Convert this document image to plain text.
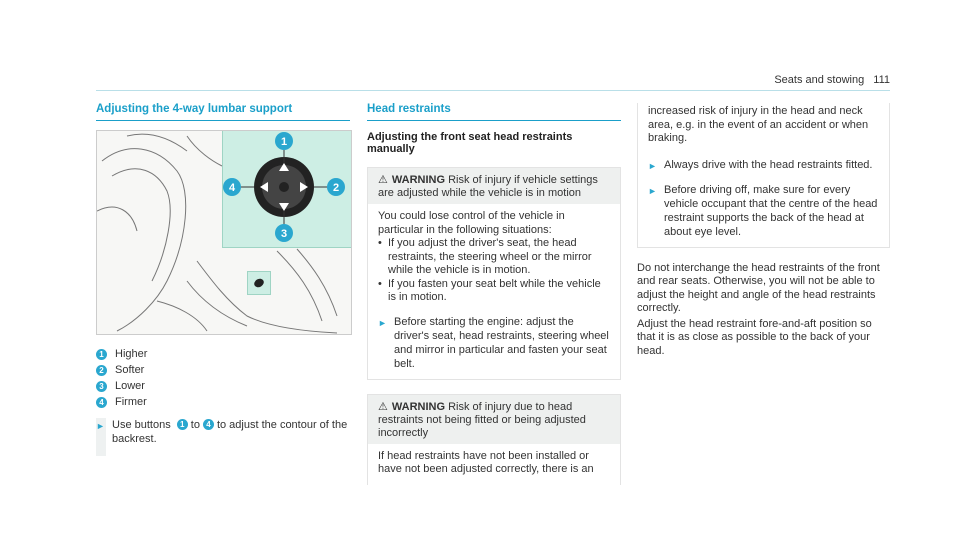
Seats and stowing 111
Adjusting the 4-way lumbar support
1
2
3
4
1 Higher
2 Softer
3 Lower
4 Firmer
► Use buttons 1 to 4 to adjust the contour of the backrest.
Head restraints
Adjusting the front seat head restraints manually
⚠ WARNING Risk of injury if vehicle settings are adjusted while the vehicle is in motion

You could lose control of the vehicle in particular in the following situations:

• If you adjust the driver's seat, the head restraints, the steering wheel or the mirror while the vehicle is in motion.
• If you fasten your seat belt while the vehicle is in motion.
► Before starting the engine: adjust the driver's seat, head restraints, steering wheel and mirror in particular and fasten your seat belt.
⚠ WARNING Risk of injury due to head restraints not being fitted or being adjusted incorrectly

If head restraints have not been installed or have not been adjusted correctly, there is an

increased risk of injury in the head and neck area, e.g. in the event of an accident or when braking.

► Always drive with the head restraints fitted.
► Before driving off, make sure for every vehicle occupant that the centre of the head restraint supports the back of the head at about eye level.

Do not interchange the head restraints of the front and rear seats. Otherwise, you will not be able to adjust the height and angle of the head restraints correctly.

Adjust the head restraint fore-and-aft position so that it is as close as possible to the back of your head.
